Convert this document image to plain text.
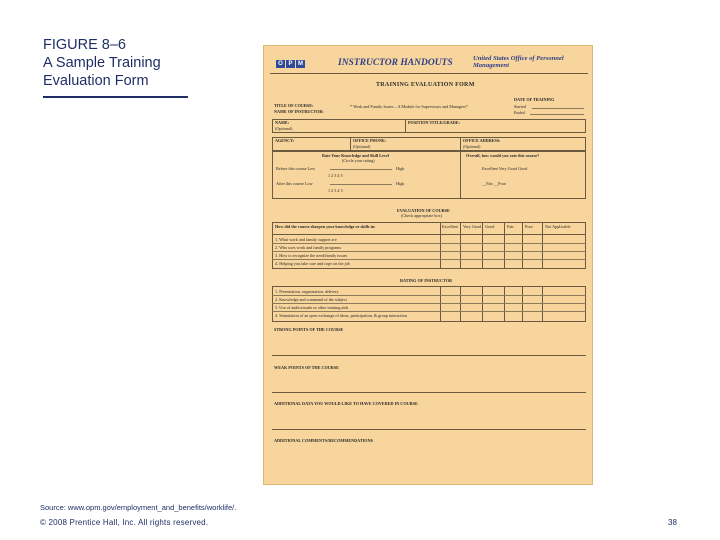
FIGURE 8–6
A Sample Training
Evaluation Form
O P M	INSTRUCTOR HANDOUTS	United States Office of Personnel
Management
TRAINING EVALUATION FORM
TITLE OF COURSE:
NAME OF INSTRUCTOR:
* Work and Family Issues – A Module for Supervisors and Managers*
DATE OF TRAINING
Started
Ended
NAME:
(Optional)
POSITION TITLE/GRADE:
AGENCY:	OFFICE PHONE:
(Optional)
OFFICE ADDRESS:
(Optional)
Rate Your Knowledge and Skill Level
(Circle your rating)
Before this course Low	High
1 2 3 4 5
After this course Low	High
1 2 3 4 5
Overall, how would you rate this course?
Excellent Very Good Good
__Fair __Poor
EVALUATION OF COURSE
(Check appropriate box)
How did the course sharpen your knowledge or skills in:	Excellent Very Good Good	Fair	Poor	Not Applicable
1. What work and family support are
2. Who uses work and family programs
3. How to recognize the need/family issues
4. Helping you take care and cope on the job
RATING OF INSTRUCTOR
1. Presentation, organization, delivery
2. Knowledge and command of the subject
3. Use of audiovisuals or other training aids
4. Stimulation of an open exchange of ideas, participation, & group interaction
STRONG POINTS OF THE COURSE
WEAK POINTS OF THE COURSE
ADDITIONAL DATA YOU WOULD LIKE TO HAVE COVERED IN COURSE
ADDITIONAL COMMENTS/RECOMMENDATIONS
Source: www.opm.gov/employment_and_benefits/worklife/.
© 2008 Prentice Hall, Inc. All rights reserved.	38
